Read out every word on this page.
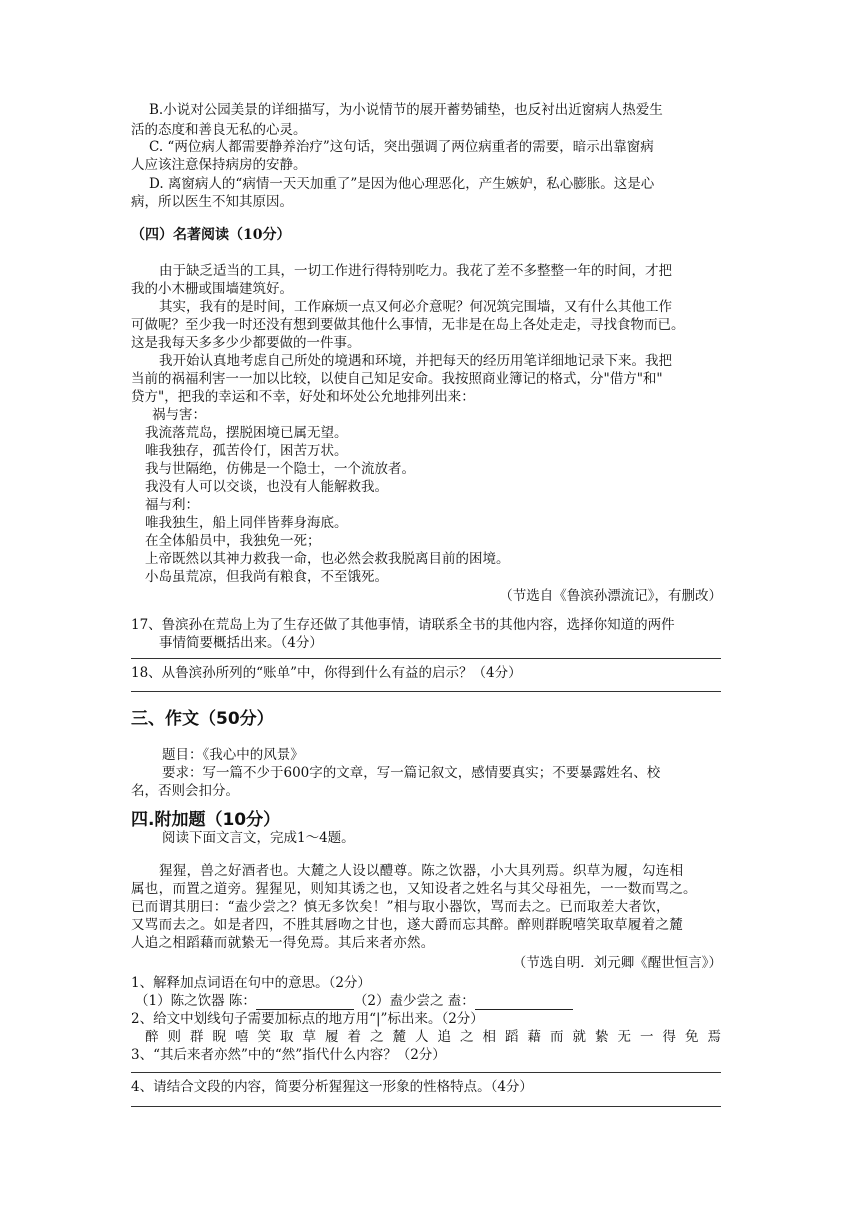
B.小说对公园美景的详细描写，为小说情节的展开蓄势铺垫，也反衬出近窗病人热爱生
活的态度和善良无私的心灵。
C. “两位病人都需要静养治疗”这句话，突出强调了两位病重者的需要，暗示出靠窗病
人应该注意保持病房的安静。
D. 离窗病人的“病情一天天加重了”是因为他心理恶化，产生嫉妒，私心膨胀。这是心
病，所以医生不知其原因。
（四）名著阅读（10分）
由于缺乏适当的工具，一切工作进行得特别吃力。我花了差不多整整一年的时间，才把
我的小木栅或围墙建筑好。
其实，我有的是时间，工作麻烦一点又何必介意呢？何况筑完围墙，又有什么其他工作
可做呢？至少我一时还没有想到要做其他什么事情，无非是在岛上各处走走，寻找食物而已。
这是我每天多多少少都要做的一件事。
我开始认真地考虑自己所处的境遇和环境，并把每天的经历用笔详细地记录下来。我把
当前的祸福利害一一加以比较，以使自己知足安命。我按照商业簿记的格式，分"借方"和"
贷方"，把我的幸运和不幸，好处和坏处公允地排列出来：
祸与害：
我流落荒岛，摆脱困境已属无望。
唯我独存，孤苦伶仃，困苦万状。
我与世隔绝，仿佛是一个隐士，一个流放者。
我没有人可以交谈，也没有人能解救我。
福与利：
唯我独生，船上同伴皆葬身海底。
在全体船员中，我独免一死；
上帝既然以其神力救我一命，也必然会救我脱离目前的困境。
小岛虽荒凉，但我尚有粮食，不至饿死。
（节选自《鲁滨孙漂流记》，有删改）
17、鲁滨孙在荒岛上为了生存还做了其他事情，请联系全书的其他内容，选择你知道的两件
事情简要概括出来。（4分）
18、从鲁滨孙所列的“账单”中，你得到什么有益的启示？（4分）
三、作文（50分）
题目：《我心中的风景》
要求：写一篇不少于600字的文章，写一篇记叙文，感情要真实；不要暴露姓名、校
名，否则会扣分。
四.附加题（10分）
阅读下面文言文，完成1～4题。
猩猩，兽之好酒者也。大麓之人设以醴尊。陈之饮器，小大具列焉。织草为履，勾连相
属也，而置之道旁。猩猩见，则知其诱之也，又知设者之姓名与其父母祖先，一一数而骂之。
已而谓其朋曰：“盍少尝之？慎无多饮矣！”相与取小器饮，骂而去之。已而取差大者饮，
又骂而去之。如是者四，不胜其唇吻之甘也，遂大爵而忘其醉。醉则群睨嘻笑取草履着之麓
人追之相蹈藉而就絷无一得免焉。其后来者亦然。
（节选自明．刘元卿《醒世恒言》）
1、解释加点词语在句中的意思。（2分）
（1）陈之饮器 陈：	（2）盍少尝之 盍：
2、给文中划线句子需要加标点的地方用“|”标出来。（2分）
醉 则 群 睨 嘻 笑 取 草 履 着 之 麓 人 追 之 相 蹈 藉 而 就 絷 无 一 得 免 焉
3、“其后来者亦然”中的“然”指代什么内容？（2分）
4、请结合文段的内容，简要分析猩猩这一形象的性格特点。（4分）
